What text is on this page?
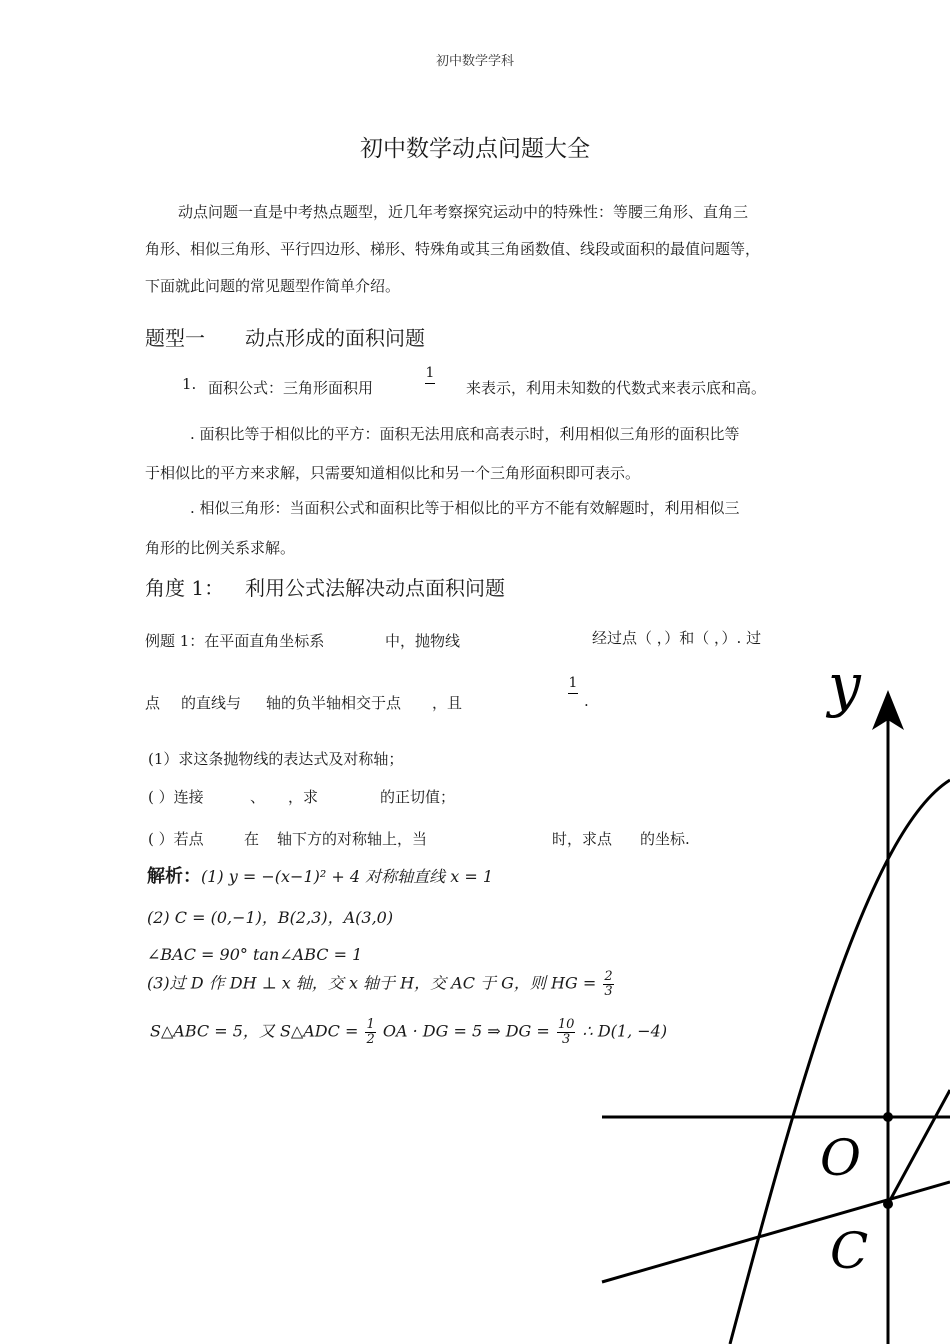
初中数学学科
初中数学动点问题大全
动点问题一直是中考热点题型，近几年考察探究运动中的特殊性：等腰三角形、直角三
角形、相似三角形、平行四边形、梯形、特殊角或其三角函数值、线段或面积的最值问题等，
下面就此问题的常见题型作简单介绍。
题型一 动点形成的面积问题
1. 面积公式：三角形面积用
1
来表示，利用未知数的代数式来表示底和高。
. 面积比等于相似比的平方：面积无法用底和高表示时，利用相似三角形的面积比等
于相似比的平方来求解，只需要知道相似比和另一个三角形面积即可表示。
. 相似三角形：当面积公式和面积比等于相似比的平方不能有效解题时，利用相似三
角形的比例关系求解。
角度 1： 利用公式法解决动点面积问题
例题 1：在平面直角坐标系	中，抛物线	经过点（ ，）和（ ，）. 过
点 的直线与 轴的负半轴相交于点 ，且
1
.
(1）求这条抛物线的表达式及对称轴；
( ）连接	、 ，求	的正切值；
( ）若点	在 轴下方的对称轴上，当	时，求点 的坐标.
解析：(1) y = −(x−1)² + 4 对称轴直线 x = 1
(2) C = (0,−1)，B(2,3)，A(3,0)
∠BAC = 90° tan∠ABC = 1
(3)过 D 作 DH ⊥ x 轴，交 x 轴于 H，交 AC 于 G，则 HG = $\frac{2}{3}$
S△ABC = 5，又 S△ADC = $\frac{1}{2}$ OA · DG = 5 ⇒ DG = $\frac{10}{3}$ ∴ D(1, −4)
y
O
C
